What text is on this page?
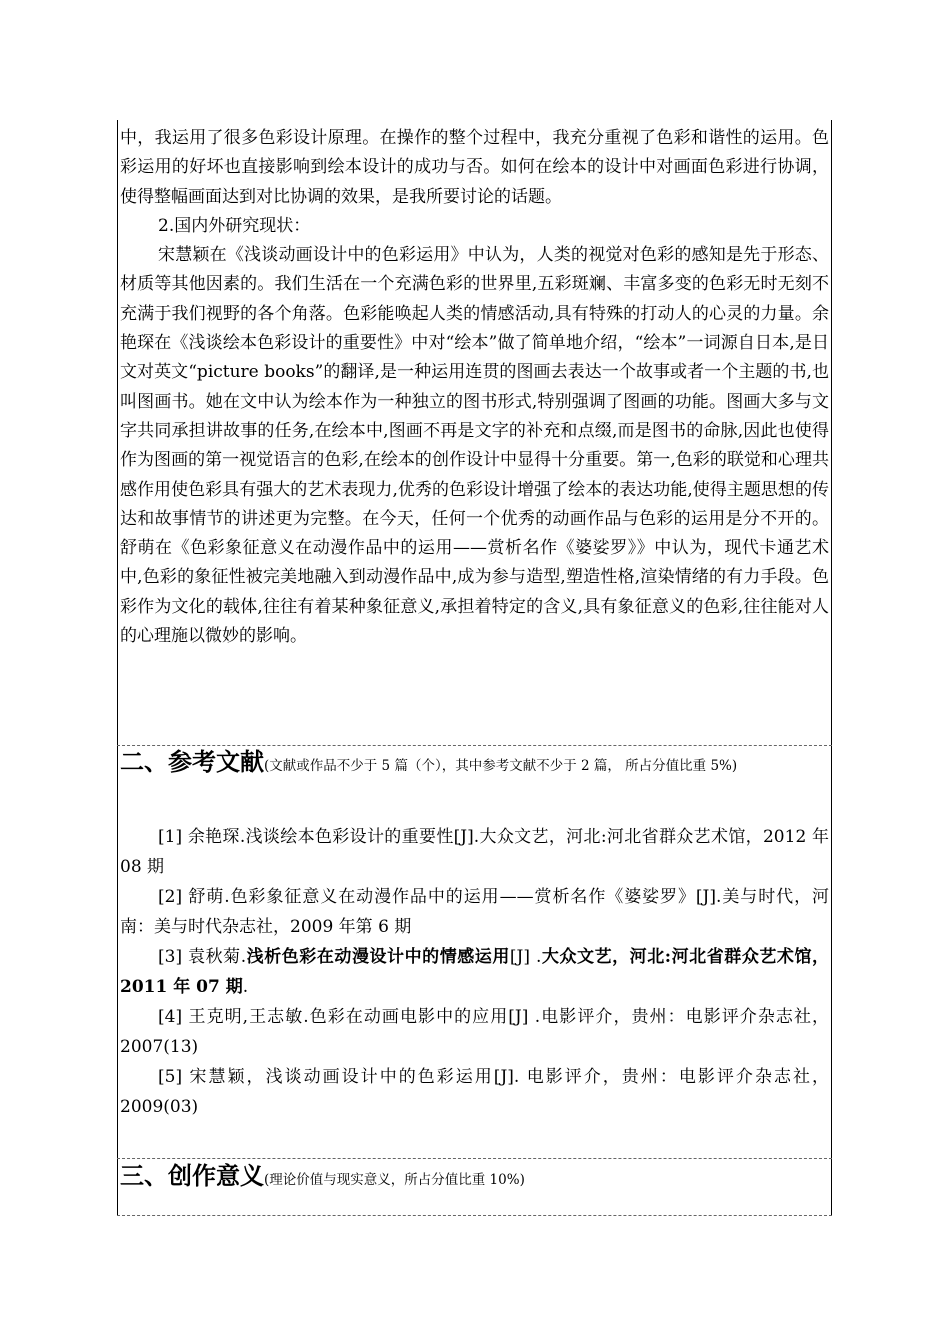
中，我运用了很多色彩设计原理。在操作的整个过程中，我充分重视了色彩和谐性的运用。色彩运用的好坏也直接影响到绘本设计的成功与否。如何在绘本的设计中对画面色彩进行协调，使得整幅画面达到对比协调的效果，是我所要讨论的话题。

2.国内外研究现状：

宋慧颖在《浅谈动画设计中的色彩运用》中认为，人类的视觉对色彩的感知是先于形态、材质等其他因素的。我们生活在一个充满色彩的世界里,五彩斑斓、丰富多变的色彩无时无刻不充满于我们视野的各个角落。色彩能唤起人类的情感活动,具有特殊的打动人的心灵的力量。余艳琛在《浅谈绘本色彩设计的重要性》中对“绘本”做了简单地介绍，“绘本”一词源自日本,是日文对英文“picture books”的翻译,是一种运用连贯的图画去表达一个故事或者一个主题的书,也叫图画书。她在文中认为绘本作为一种独立的图书形式,特别强调了图画的功能。图画大多与文字共同承担讲故事的任务,在绘本中,图画不再是文字的补充和点缀,而是图书的命脉,因此也使得作为图画的第一视觉语言的色彩,在绘本的创作设计中显得十分重要。第一,色彩的联觉和心理共感作用使色彩具有强大的艺术表现力,优秀的色彩设计增强了绘本的表达功能,使得主题思想的传达和故事情节的讲述更为完整。在今天，任何一个优秀的动画作品与色彩的运用是分不开的。舒萌在《色彩象征意义在动漫作品中的运用——赏析名作《婆娑罗》》中认为，现代卡通艺术中,色彩的象征性被完美地融入到动漫作品中,成为参与造型,塑造性格,渲染情绪的有力手段。色彩作为文化的载体,往往有着某种象征意义,承担着特定的含义,具有象征意义的色彩,往往能对人的心理施以微妙的影响。

二、参考文献(文献或作品不少于 5 篇（个），其中参考文献不少于 2 篇， 所占分值比重 5%)

[1] 余艳琛.浅谈绘本色彩设计的重要性[J].大众文艺，河北:河北省群众艺术馆，2012 年 08 期

[2] 舒萌.色彩象征意义在动漫作品中的运用——赏析名作《婆娑罗》[J].美与时代，河南：美与时代杂志社，2009 年第 6 期

[3] 袁秋菊.浅析色彩在动漫设计中的情感运用[J] .大众文艺，河北:河北省群众艺术馆，2011 年 07 期.

[4] 王克明,王志敏.色彩在动画电影中的应用[J] .电影评介，贵州：电影评介杂志社，2007(13)

[5] 宋慧颖，浅谈动画设计中的色彩运用[J]. 电影评介，贵州：电影评介杂志社，2009(03)

三、创作意义(理论价值与现实意义，所占分值比重 10%)
